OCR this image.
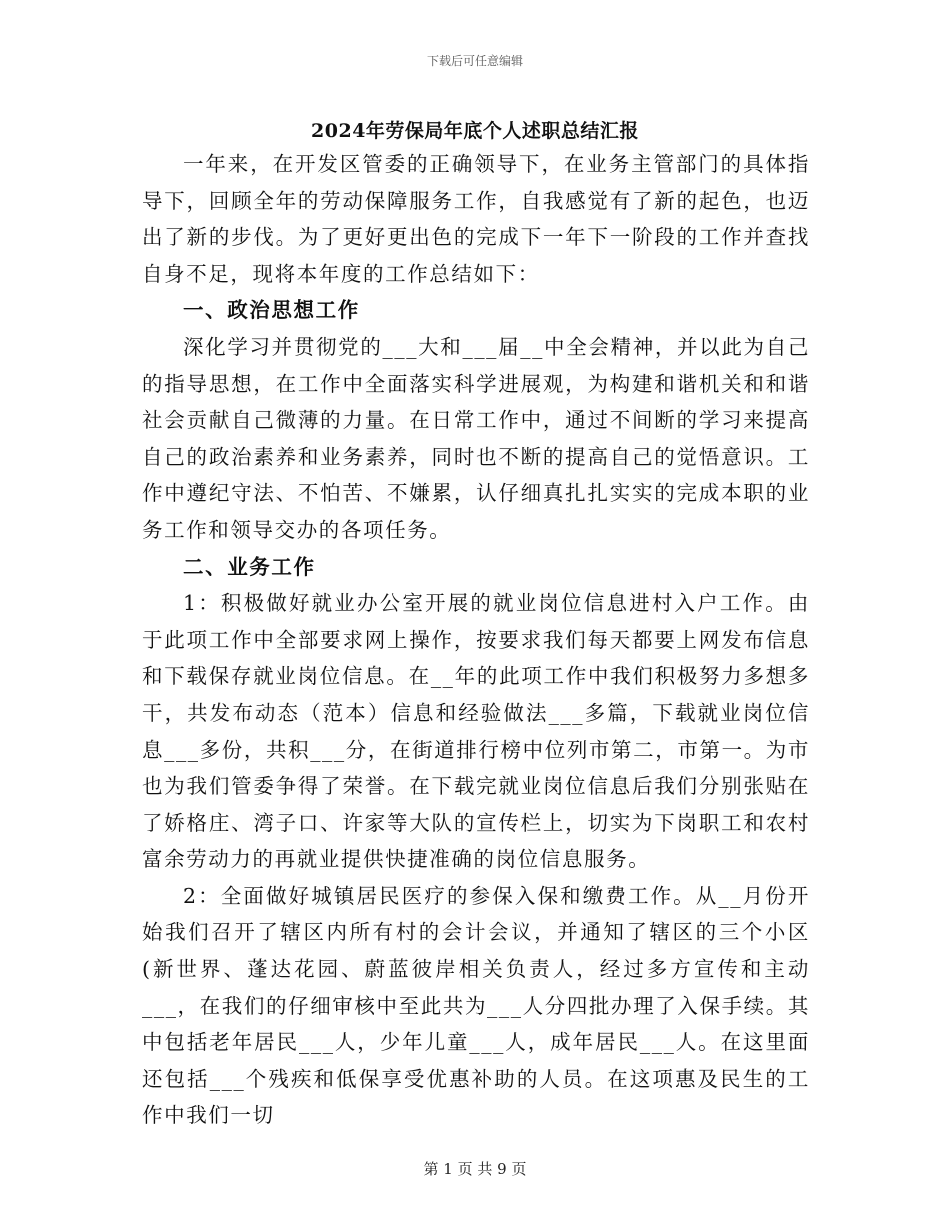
下载后可任意编辑
2024年劳保局年底个人述职总结汇报

一年来，在开发区管委的正确领导下，在业务主管部门的具体指导下，回顾全年的劳动保障服务工作，自我感觉有了新的起色，也迈出了新的步伐。为了更好更出色的完成下一年下一阶段的工作并查找自身不足，现将本年度的工作总结如下：

一、政治思想工作

深化学习并贯彻党的___大和___届__中全会精神，并以此为自己的指导思想，在工作中全面落实科学进展观，为构建和谐机关和和谐社会贡献自己微薄的力量。在日常工作中，通过不间断的学习来提高自己的政治素养和业务素养，同时也不断的提高自己的觉悟意识。工作中遵纪守法、不怕苦、不嫌累，认仔细真扎扎实实的完成本职的业务工作和领导交办的各项任务。

二、业务工作

1：积极做好就业办公室开展的就业岗位信息进村入户工作。由于此项工作中全部要求网上操作，按要求我们每天都要上网发布信息和下载保存就业岗位信息。在__年的此项工作中我们积极努力多想多干，共发布动态（范本）信息和经验做法___多篇，下载就业岗位信息___多份，共积___分，在街道排行榜中位列市第二，市第一。为市也为我们管委争得了荣誉。在下载完就业岗位信息后我们分别张贴在了娇格庄、湾子口、许家等大队的宣传栏上，切实为下岗职工和农村富余劳动力的再就业提供快捷准确的岗位信息服务。

2：全面做好城镇居民医疗的参保入保和缴费工作。从__月份开始我们召开了辖区内所有村的会计会议，并通知了辖区的三个小区(新世界、蓬达花园、蔚蓝彼岸相关负责人，经过多方宣传和主动___，在我们的仔细审核中至此共为___人分四批办理了入保手续。其中包括老年居民___人，少年儿童___人，成年居民___人。在这里面还包括___个残疾和低保享受优惠补助的人员。在这项惠及民生的工作中我们一切

第 1 页 共 9 页
